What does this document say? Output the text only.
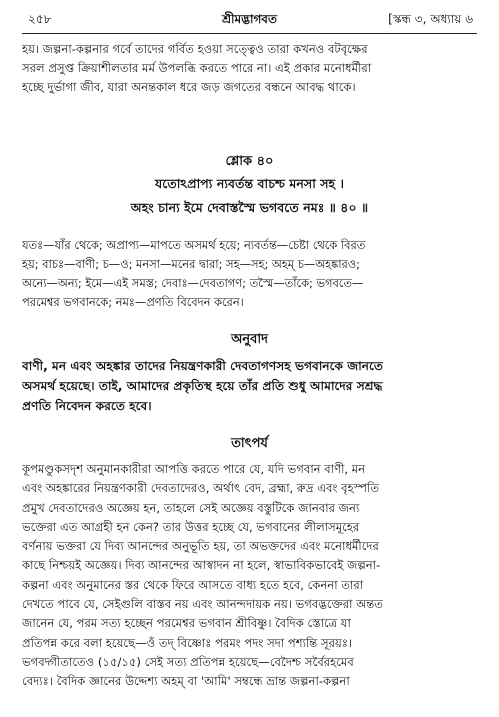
২৫৮	শ্রীমদ্ভাগবত	[স্কন্ধ ৩, অধ্যায় ৬
হয়। জল্পনা-কল্পনার গর্বে তাদের গর্বিত হওয়া সত্ত্বেও তারা কখনও বটবৃক্ষের
সরল প্রসুপ্ত ক্রিয়াশীলতার মর্ম উপলব্ধি করতে পারে না। এই প্রকার মনোধর্মীরা
হচ্ছে দুর্ভাগা জীব, যারা অনন্তকাল ধরে জড় জগতের বন্ধনে আবদ্ধ থাকে।
শ্লোক ৪০
যতোঽপ্রাপ্য ন্যবর্তন্ত বাচশ্চ মনসা সহ ।
অহং চান্য ইমে দেবাস্তস্মৈ ভগবতে নমঃ ॥ ৪০ ॥
যতঃ—যাঁর থেকে; অপ্রাপ্য—মাপতে অসমর্থ হয়ে; ন্যবর্তন্ত—চেষ্টা থেকে বিরত
হয়; বাচঃ—বাণী; চ—ও; মনসা—মনের দ্বারা; সহ—সহ; অহম্ চ—অহঙ্কারও;
অন্যে—অন্য; ইমে—এই সমস্ত; দেবাঃ—দেবতাগণ; তস্মৈ—তাঁকে; ভগবতে—
পরমেশ্বর ভগবানকে; নমঃ—প্রণতি বিবেদন করেন।
অনুবাদ
বাণী, মন এবং অহঙ্কার তাদের নিয়ন্ত্রণকারী দেবতাগণসহ ভগবানকে জানতে
অসমর্থ হয়েছে। তাই, আমাদের প্রকৃতিস্থ হয়ে তাঁর প্রতি শুধু আমাদের সশ্রদ্ধ
প্রণতি নিবেদন করতে হবে।
তাৎপর্য
কূপমণ্ডুকসদৃশ অনুমানকারীরা আপত্তি করতে পারে যে, যদি ভগবান বাণী, মন
এবং অহঙ্কারের নিয়ন্ত্রণকারী দেবতাদেরও, অর্থাৎ বেদ, ব্রহ্মা, রুদ্র এবং বৃহস্পতি
প্রমুখ দেবতাদেরও অজ্ঞেয় হন, তাহলে সেই অজ্ঞেয় বস্তুটিকে জানবার জন্য
ভক্তেরা এত আগ্রহী হন কেন? তার উত্তর হচ্ছে যে, ভগবানের লীলাসমূহের
বর্ণনায় ভক্তরা যে দিব্য আনন্দের অনুভূতি হয়, তা অভক্তদের এবং মনোধর্মীদের
কাছে নিশ্চয়ই অজ্ঞেয়। দিব্য আনন্দের আস্বাদন না হলে, স্বাভাবিকভাবেই জল্পনা-
কল্পনা এবং অনুমানের স্তর থেকে ফিরে আসতে বাধ্য হতে হবে, কেননা তারা
দেখতে পাবে যে, সেইগুলি বাস্তব নয় এবং আনন্দদায়ক নয়। ভগবদ্ভক্তেরা অন্তত
জানেন যে, পরম সত্য হচ্ছেন পরমেশ্বর ভগবান শ্রীবিষ্ণু। বৈদিক স্তোত্রে যা
প্রতিপন্ন করে বলা হয়েছে—ওঁ তদ্ বিষ্ণোঃ পরমং পদং সদা পশ্যন্তি সূরয়ঃ।
ভগবদ্গীতাতেও (১৫/১৫) সেই সত্য প্রতিপন্ন হয়েছে—বেদৈশ্চ সর্বৈরহমেব
বেদ্যঃ। বৈদিক জ্ঞানের উদ্দেশ্য অহম্ বা 'আমি' সম্বন্ধে ভ্রান্ত জল্পনা-কল্পনা
